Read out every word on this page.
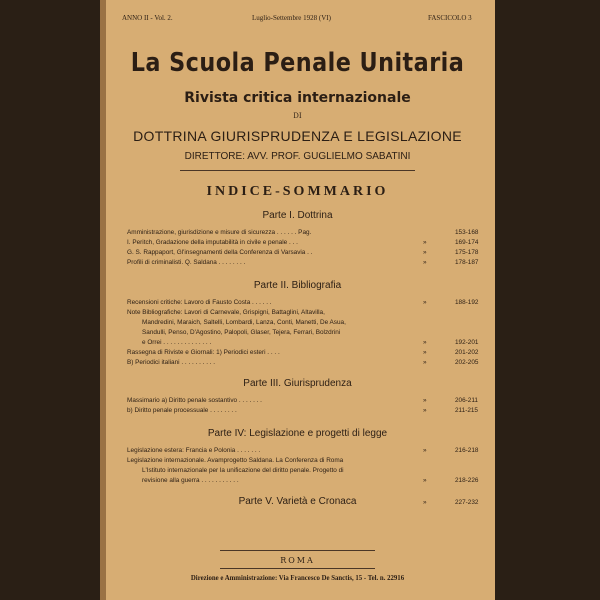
ANNO II - Vol. 2.	Luglio-Settembre 1928 (VI)	FASCICOLO 3
La Scuola Penale Unitaria
Rivista critica internazionale
DI
DOTTRINA GIURISPRUDENZA E LEGISLAZIONE
DIRETTORE: AVV. PROF. GUGLIELMO SABATINI
INDICE-SOMMARIO
Parte I. Dottrina
Amministrazione, giurisdizione e misure di sicurezza . . . . . . Pag.	153-168
I. Peritch, Gradazione della imputabilità in civile e penale . . .	»	169-174
G. S. Rappaport, Gl'insegnamenti della Conferenza di Varsavia . .	»	175-178
Profili di criminalisti. Q. Saldana . . . . . . . .	»	178-187
Parte II. Bibliografia
Recensioni critiche: Lavoro di Fausto Costa . . . . . .	»	188-192
Note Bibliografiche: Lavori di Carnevale, Grispigni, Battaglini, Altavilla,
Mandredini, Maraich, Saltelli, Lombardi, Lanza, Conti, Manetti, De Asua,
Sandulli, Penso, D'Agostino, Palopoli, Glaser, Tejera, Ferrari, Bolzdrini
e Orrei . . . . . . . . . . . . . .	»	192-201
Rassegna di Riviste e Giornali: 1) Periodici esteri . . . .	»	201-202
B) Periodici italiani . . . . . . . . . .	»	202-205
Parte III. Giurisprudenza
Massimario a) Diritto penale sostantivo . . . . . . .	»	206-211
b) Diritto penale processuale . . . . . . . .	»	211-215
Parte IV: Legislazione e progetti di legge
Legislazione estera: Francia e Polonia . . . . . . .	»	216-218
Legislazione internazionale. Avamprogetto Saldana. La Conferenza di Roma
L'Istituto internazionale per la unificazione del diritto penale. Progetto di
revisione alla guerra . . . . . . . . . . .	»	218-226
Parte V. Varietà e Cronaca	»	227-232
ROMA
Direzione e Amministrazione: Via Francesco De Sanctis, 15 - Tel. n. 22916
